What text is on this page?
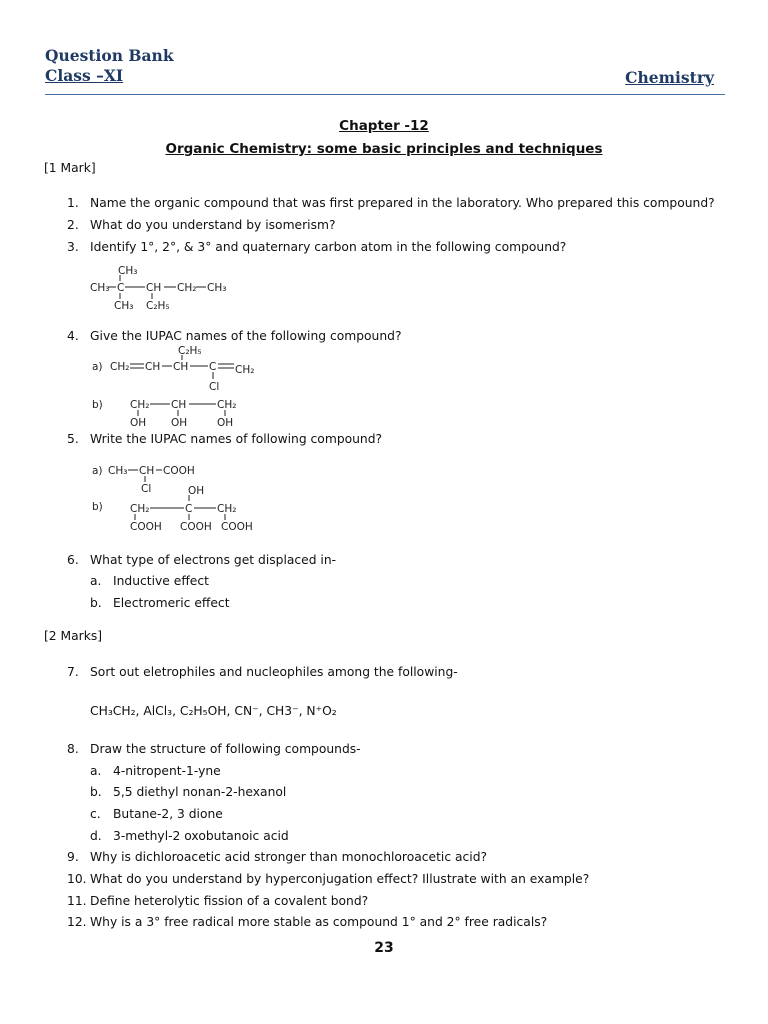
Question Bank
Class –XI	Chemistry
Chapter -12
Organic Chemistry: some basic principles and techniques
[1 Mark]
1. Name the organic compound that was first prepared in the laboratory. Who prepared this compound?
2. What do you understand by isomerism?
3. Identify 1°, 2°, & 3° and quaternary carbon atom in the following compound?
CH₃ C CH CH₂ CH₃
CH₃
CH₃ C₂H₅
4. Give the IUPAC names of the following compound?
a) CH₂ CH CH C CH₂
C₂H₅
Cl
b)	CH₂ CH	CH₂
OH OH	OH
5. Write the IUPAC names of following compound?
a) CH₃ CH COOH
Cl
b)	CH₂	C CH₂
OH
COOH COOH COOH
6. What type of electrons get displaced in-
a. Inductive effect
b. Electromeric effect
[2 Marks]
7. Sort out eletrophiles and nucleophiles among the following-
CH₃CH₂, AlCl₃, C₂H₅OH, CN⁻, CH3⁻, N⁺O₂
8. Draw the structure of following compounds-
a. 4-nitropent-1-yne
b. 5,5 diethyl nonan-2-hexanol
c. Butane-2, 3 dione
d. 3-methyl-2 oxobutanoic acid
9. Why is dichloroacetic acid stronger than monochloroacetic acid?
10. What do you understand by hyperconjugation effect? Illustrate with an example?
11. Define heterolytic fission of a covalent bond?
12. Why is a 3° free radical more stable as compound 1° and 2° free radicals?
23
